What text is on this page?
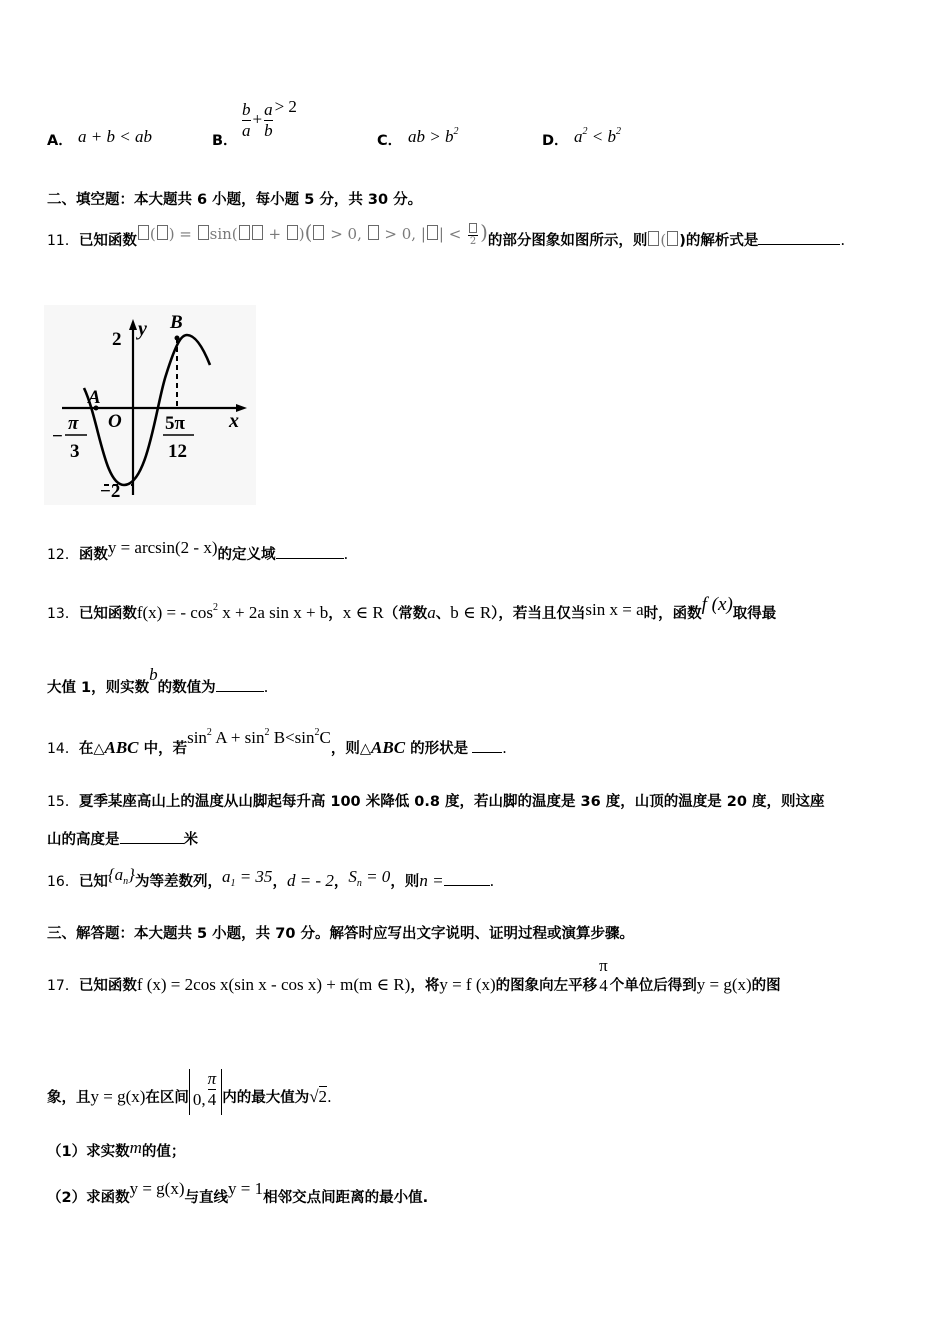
A． a + b < ab	B． $\frac{b}{a} + \frac{a}{b} > 2$
C． ab > $b^2$
D． $a^2 < b^2$
二、填空题：本大题共 6 小题，每小题 5 分，共 30 分。
11．已知函数 ( ) = sin( + )( > 0,  > 0, | | < 2 )的部分图象如图所示，则 ( )的解析式是	.
y
x
O
A
B
2
−2
−
π
3
5π
12
12．函数y = arcsin(2 - x)的定义域	.
13．已知函数f(x) = - $\cos^2 x + 2a$ sin x + b，x ∈ R（常数a、b ∈ R），若当且仅当sin x = a时，函数f (x)取得最
大值 1，则实数b的数值为	.
14．在△ABC 中，若$\sin^2 A + \sin^2 B<\sin^2C$，则△ABC 的形状是 .
15．夏季某座高山上的温度从山脚起每升高 100 米降低 0.8 度，若山脚的温度是 36 度，山顶的温度是 20 度，则这座
山的高度是	米
16．已知$\{a_n\}$为等差数列，$a_1 = 35$，d = - 2，$S_n = 0$，则n =	.
三、解答题：本大题共 5 小题，共 70 分。解答时应写出文字说明、证明过程或演算步骤。
17．已知函数f (x) = 2cos x(sin x - cos x) + m(m ∈ R)，将y = f (x)的图象向左平移
π
4 个单位后得到y = g(x)的图
象，且y = g(x)在区间 0, $\frac{\pi}{4}$ 内的最大值为√2.
（1）求实数m的值；
（2）求函数y = g(x)与直线y = 1相邻交点间距离的最小值.
